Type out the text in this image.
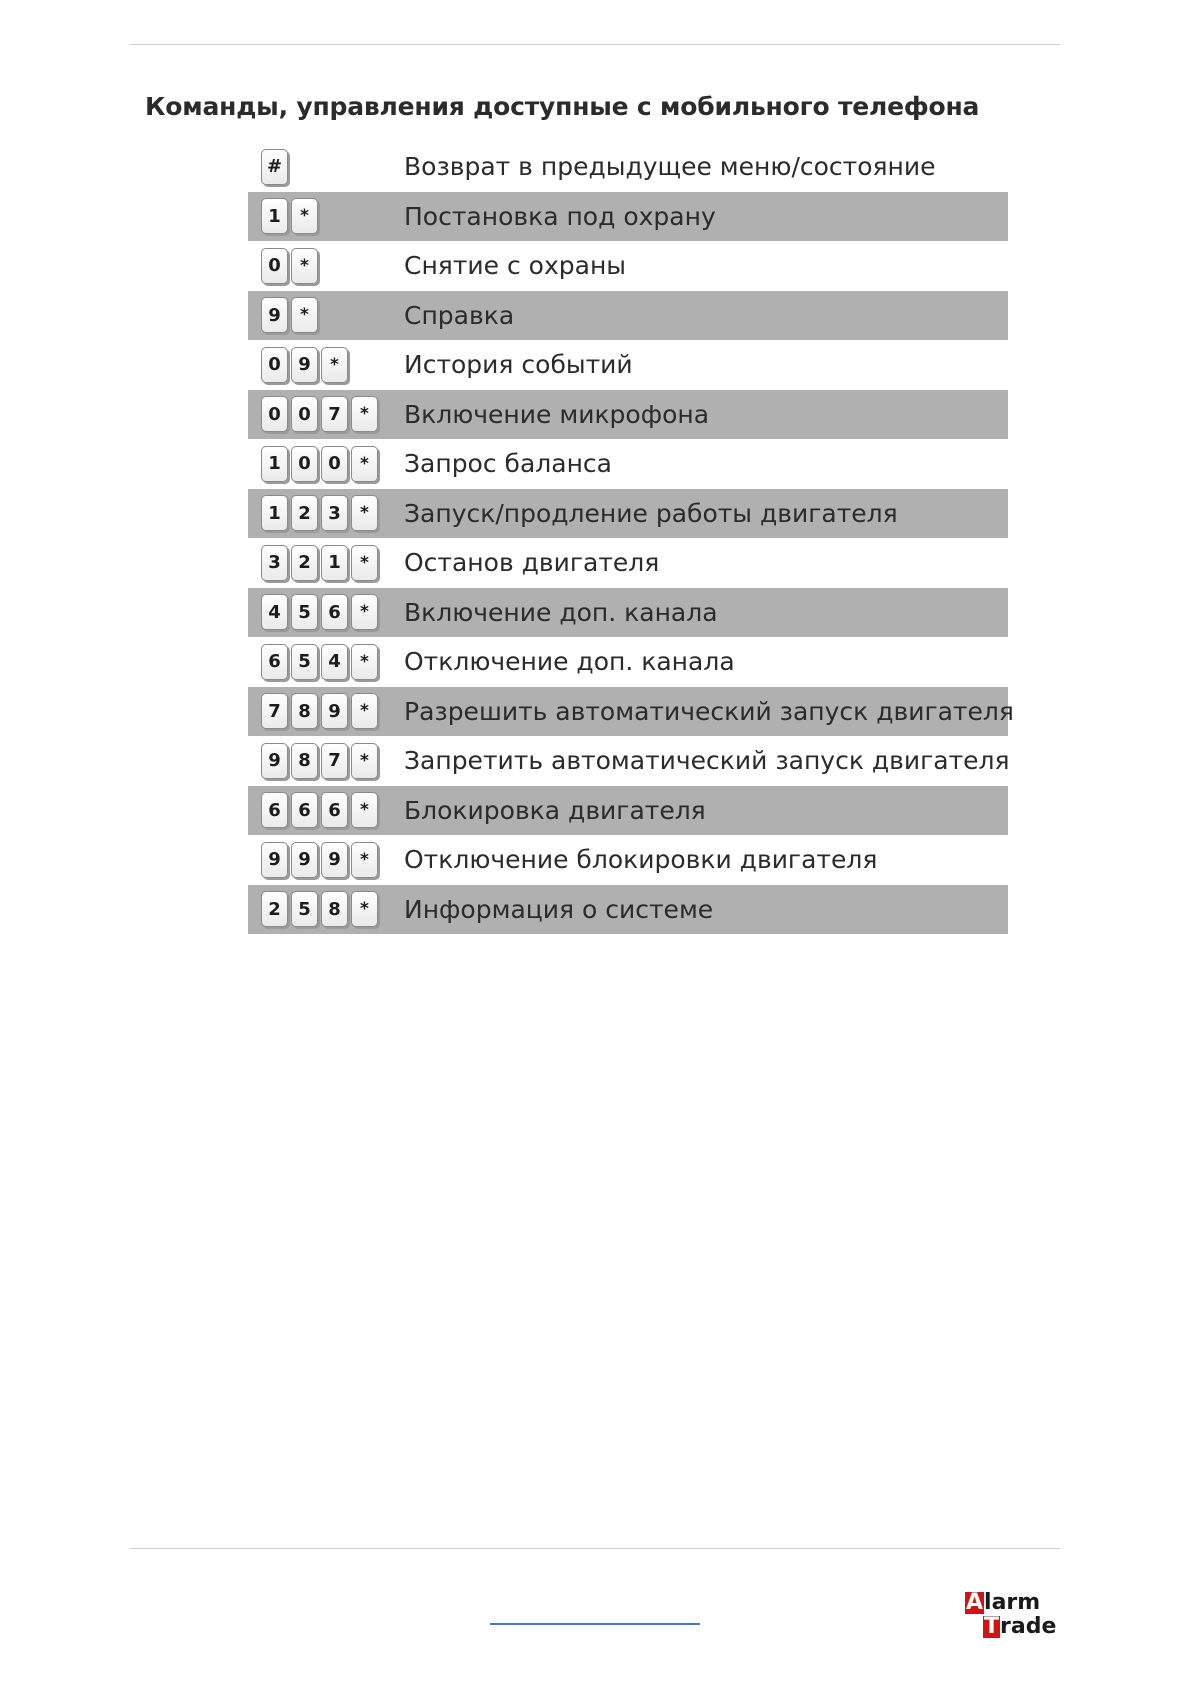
Команды, управления доступные с мобильного телефона
#	Возврат в предыдущее меню/состояние
1	*	Постановка под охрану
0	*	Снятие с охраны
9	*	Справка
0 9	*	История событий
0 0 7	*	Включение микрофона
1 0 0	*	Запрос баланса
1 2 3	*	Запуск/продление работы двигателя
3 2 1	*	Останов двигателя
4 5 6	*	Включение доп. канала
6 5 4	*	Отключение доп. канала
7 8 9	*	Разрешить автоматический запуск двигателя
9 8 7	*	Запретить автоматический запуск двигателя
6 6 6	*	Блокировка двигателя
9 9 9	*	Отключение блокировки двигателя
2 5 8	*	Информация о системе
Alarm
Trade
